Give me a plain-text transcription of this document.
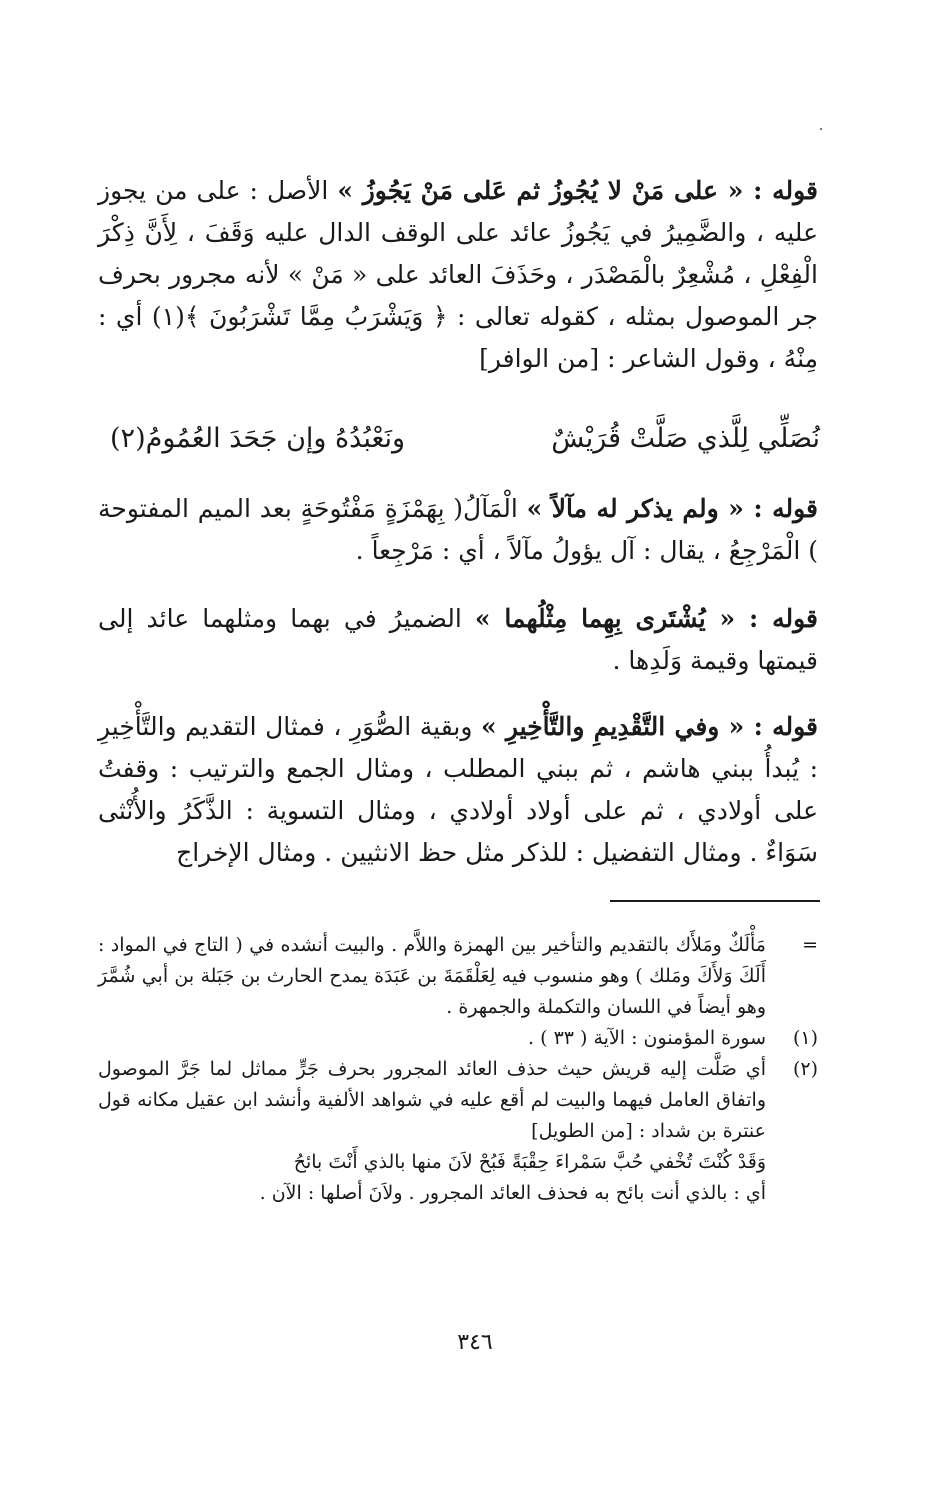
قوله : « على مَنْ لا يُجُوزُ ثم عَلى مَنْ يَجُوزُ » الأصل : على من يجوز عليه ، والضَّمِيرُ في يَجُوزُ عائد على الوقف الدال عليه وَقَفَ ، لِأَنَّ ذِكْرَ الْفِعْلِ ، مُشْعِرٌ بالْمَصْدَر ، وحَذَفَ العائد على « مَنْ » لأنه مجرور بحرف جر الموصول بمثله ، كقوله تعالى : ﴿ وَيَشْرَبُ مِمَّا تَشْرَبُونَ ﴾(١) أي : مِنْهُ ، وقول الشاعر : [من الوافر]

نُصَلِّي لِلَّذي صَلَّتْ قُرَيْشٌ
ونَعْبُدُهُ وإن جَحَدَ العُمُومُ(٢)

قوله : « ولم يذكر له مآلاً » الْمَآلُ( بِهَمْزَةٍ مَفْتُوحَةٍ بعد الميم المفتوحة ) الْمَرْجِعُ ، يقال : آل يؤولُ مآلاً ، أي : مَرْجِعاً .

قوله : « يُشْتَرى بِهِما مِثْلُهما » الضميرُ في بهما ومثلهما عائد إلى قيمتها وقيمة وَلَدِها .

قوله : « وفي التَّقْدِيمِ والتَّأْخِيرِ » وبقية الصُّوَرِ ، فمثال التقديم والتَّأْخِيرِ : يُبدأُ ببني هاشم ، ثم ببني المطلب ، ومثال الجمع والترتيب : وقفتُ على أولادي ، ثم على أولاد أولادي ، ومثال التسوية : الذَّكَرُ والأُنْثى سَوَاءٌ . ومثال التفضيل : للذكر مثل حظ الانثيين . ومثال الإخراج

=
مَأْلَكٌ ومَلأَك بالتقديم والتأخير بين الهمزة واللاَّم . والبيت أنشده في ( التاج في المواد : أَلَكَ وَلأَكَ ومَلك ) وهو منسوب فيه لِعَلْقَمَةَ بن عَبَدَة يمدح الحارث بن جَبَلة بن أبي شُمَّرَ وهو أيضاً في اللسان والتكملة والجمهرة .
(١)
سورة المؤمنون : الآية ( ٣٣ ) .
(٢)
أي صَلَّت إليه قريش حيث حذف العائد المجرور بحرف جَرٍّ مماثل لما جَرَّ الموصول واتفاق العامل فيهما والبيت لم أقع عليه في شواهد الألفية وأنشد ابن عقيل مكانه قول عنترة بن شداد : [من الطويل]
وَقَدْ كُنْتَ تُخْفي حُبَّ سَمْراءَ حِقْبَةً فَبُحْ لاَنَ منها بالذي أَنْتَ بائحُ
أي : بالذي أنت بائح به فحذف العائد المجرور . ولاَنَ أصلها : الآن .
٣٤٦
